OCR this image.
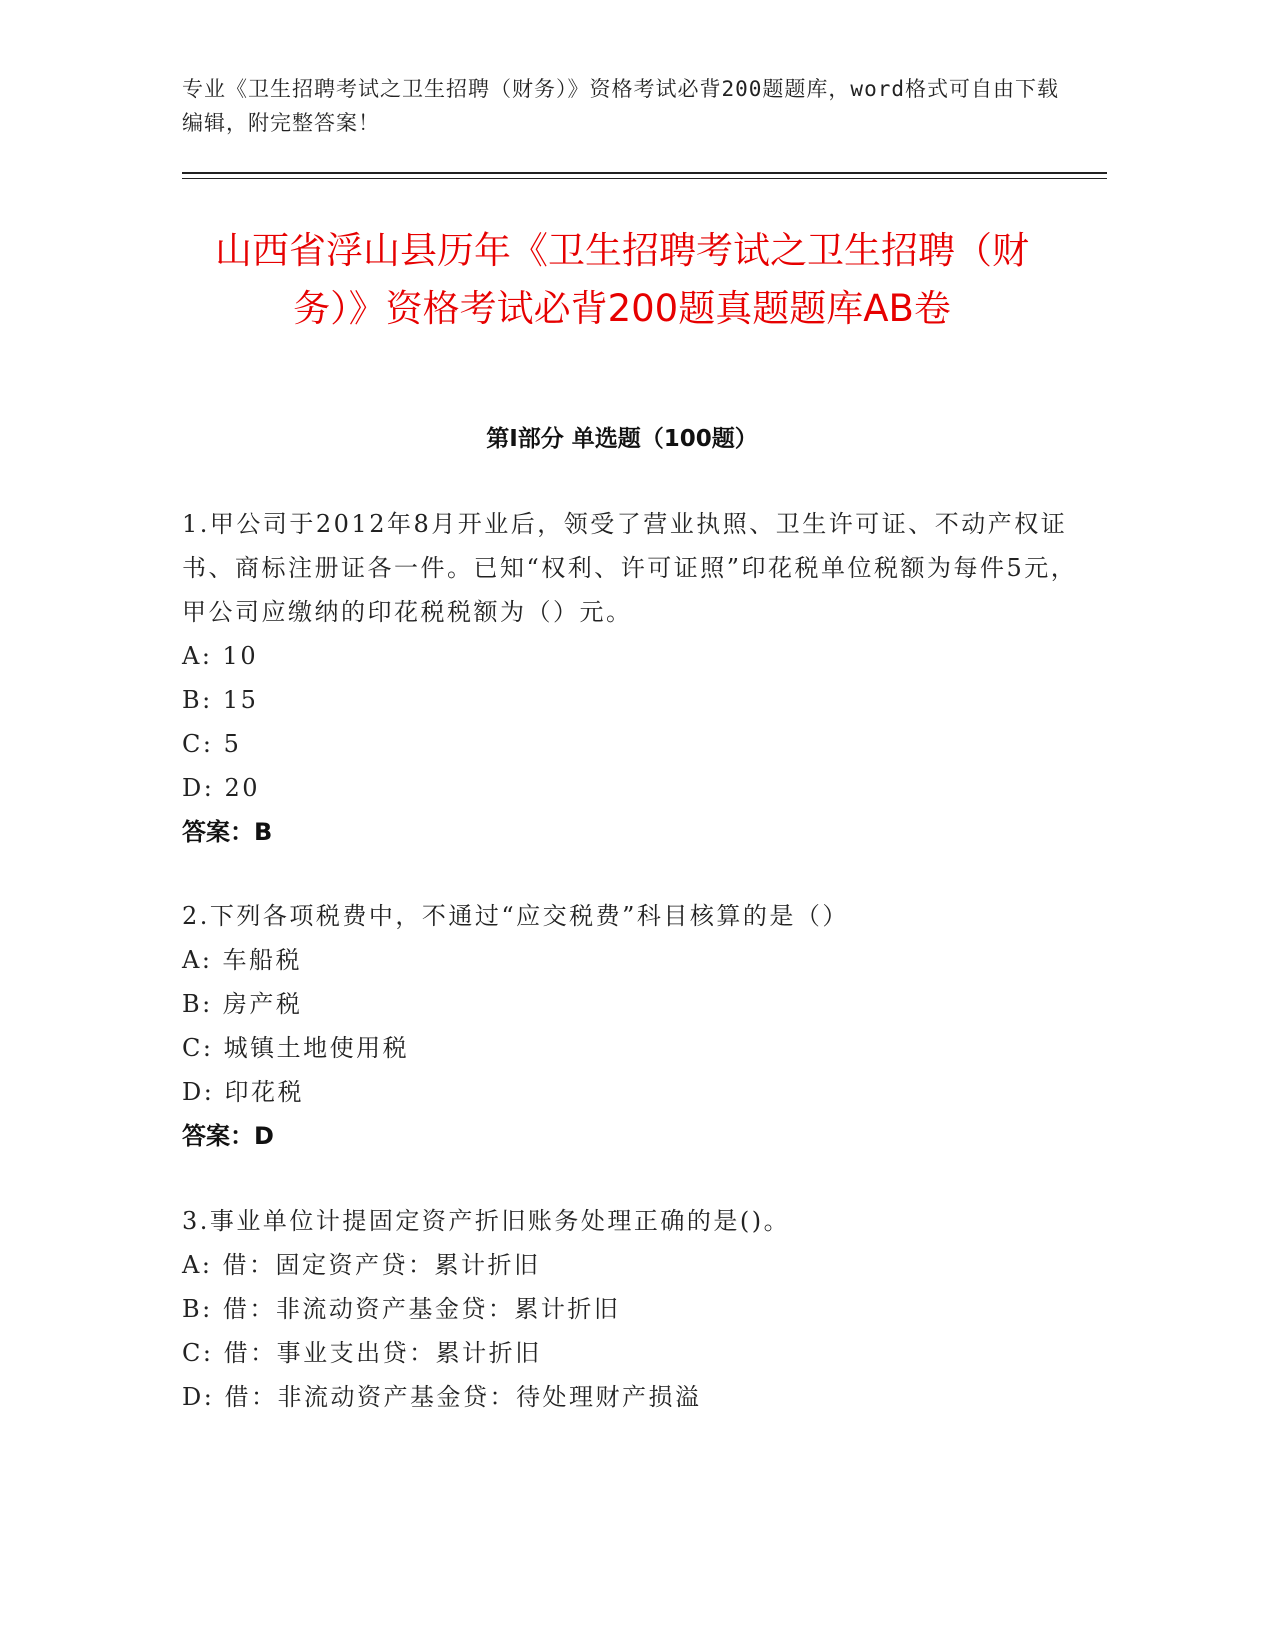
专业《卫生招聘考试之卫生招聘（财务）》资格考试必背200题题库，word格式可自由下载编辑，附完整答案！
山西省浮山县历年《卫生招聘考试之卫生招聘（财务）》资格考试必背200题真题题库AB卷
第I部分 单选题（100题）

1.甲公司于2012年8月开业后，领受了营业执照、卫生许可证、不动产权证书、商标注册证各一件。已知“权利、许可证照”印花税单位税额为每件5元，甲公司应缴纳的印花税税额为（）元。

A: 10
B: 15
C: 5
D: 20
答案：B

2.下列各项税费中，不通过“应交税费”科目核算的是（）

A: 车船税
B: 房产税
C: 城镇土地使用税
D: 印花税
答案：D

3.事业单位计提固定资产折旧账务处理正确的是()。

A: 借：固定资产贷：累计折旧
B: 借：非流动资产基金贷：累计折旧
C: 借：事业支出贷：累计折旧
D: 借：非流动资产基金贷：待处理财产损溢
